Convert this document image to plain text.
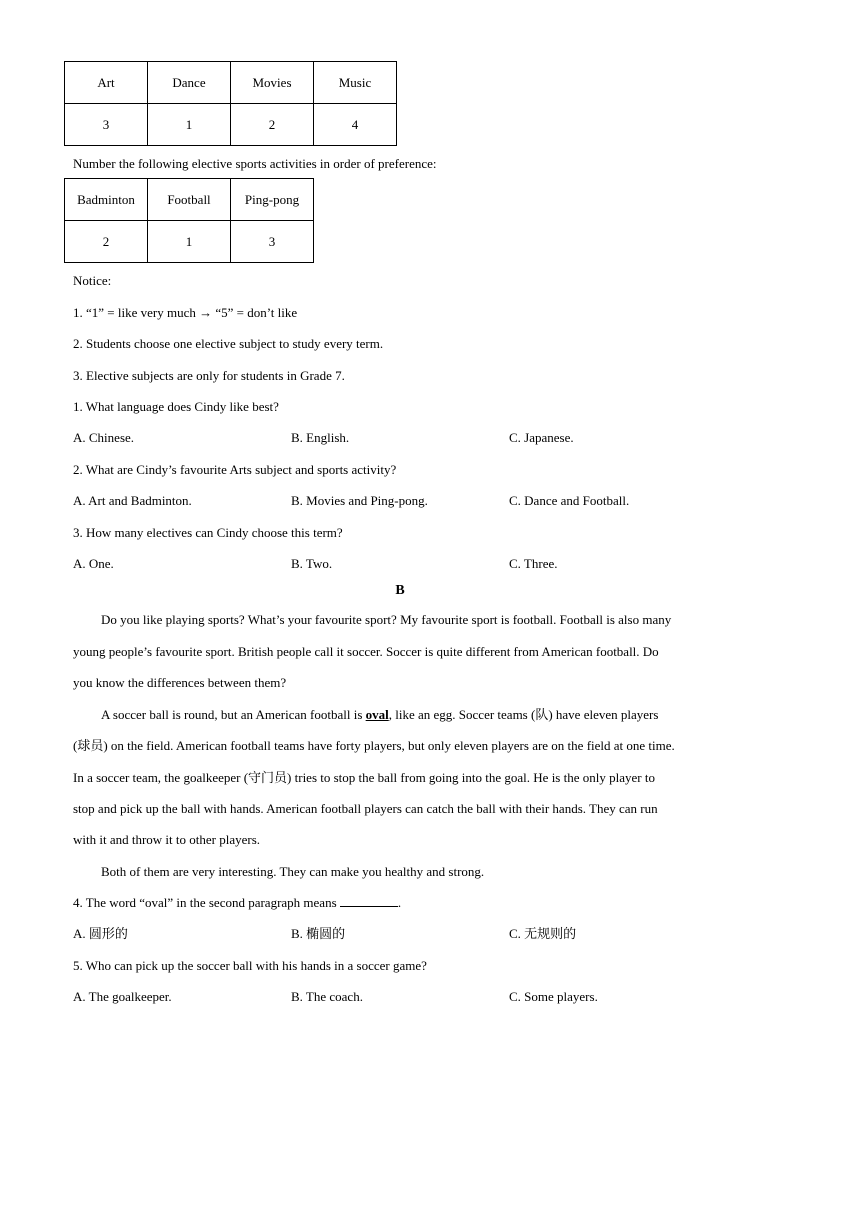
Art	Dance	Movies	Music
3	1	2	4
Number the following elective sports activities in order of preference:
Badminton	Football	Ping-pong
2	1	3
Notice:
1. “1” = like very much → “5” = don’t like
2. Students choose one elective subject to study every term.
3. Elective subjects are only for students in Grade 7.
1. What language does Cindy like best?
A. Chinese.	B. English.	C. Japanese.
2. What are Cindy’s favourite Arts subject and sports activity?
A. Art and Badminton.	B. Movies and Ping-pong.	C. Dance and Football.
3. How many electives can Cindy choose this term?
A. One.	B. Two.	C. Three.
B
Do you like playing sports? What’s your favourite sport? My favourite sport is football. Football is also many
young people’s favourite sport. British people call it soccer. Soccer is quite different from American football. Do
you know the differences between them?
A soccer ball is round, but an American football is oval, like an egg. Soccer teams (队) have eleven players
(球员) on the field. American football teams have forty players, but only eleven players are on the field at one time.
In a soccer team, the goalkeeper (守门员) tries to stop the ball from going into the goal. He is the only player to
stop and pick up the ball with hands. American football players can catch the ball with their hands. They can run
with it and throw it to other players.
Both of them are very interesting. They can make you healthy and strong.
4. The word “oval” in the second paragraph means	.
A. 圆形的	B. 椭圆的	C. 无规则的
5. Who can pick up the soccer ball with his hands in a soccer game?
A. The goalkeeper.	B. The coach.	C. Some players.
